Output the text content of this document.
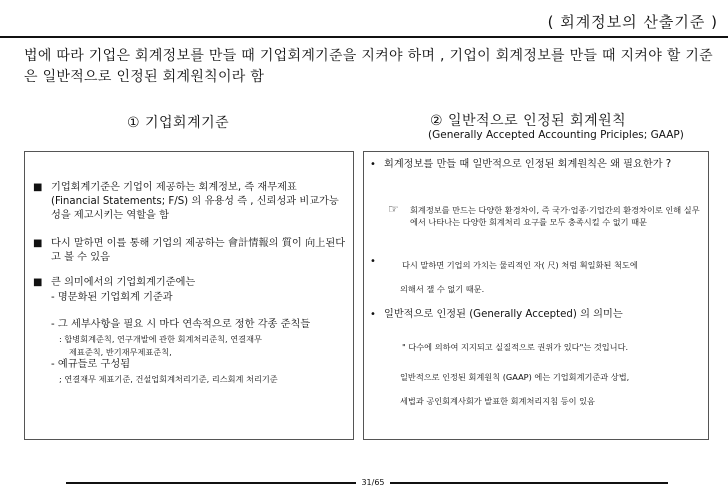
( 회계정보의 산출기준 )
법에 따라 기업은 회계정보를 만들 때 기업회계기준을 지켜야 하며 , 기업이 회계정보를 만들 때 지켜야 할 기준은 일반적으로 인정된 회계원칙이라 함
① 기업회계기준	② 일반적으로 인정된 회계원칙
(Generally Accepted Accounting Priciples; GAAP)
■ 기업회계기준은 기업이 제공하는 회계정보, 즉 재무제표 (Financial Statements; F/S) 의 유용성 즉 , 신뢰성과 비교가능성을 제고시키는 역할을 함
■ 다시 말하면 이를 통해 기업의 제공하는 會計情報의 質이 向上된다고 볼 수 있음
■ 큰 의미에서의 기업회계기준에는
- 명문화된 기업회계 기준과
- 그 세부사항을 필요 시 마다 연속적으로 정한 각종 준칙들
: 합병회계준칙, 연구개발에 관한 회계처리준칙, 연결재무
제표준칙, 반기재무제표준칙,
- 예규들로 구성됨
; 연결재무 제표기준, 건설업회계처리기준, 리스회계 처리기준
• 회계정보를 만들 때 일반적으로 인정된 회계원칙은 왜 필요한가 ?
☞ 회계정보를 만드는 다양한 환경차이, 즉 국가·업종·기업간의 환경차이로 인해 실무에서 나타나는 다양한 회계처리 요구를 모두 충족시킬 수 없기 때문
•	다시 말하면 기업의 가치는 물리적인 자( 尺) 처럼 획일화된 척도에
의해서 잴 수 없기 때문.
• 일반적으로 인정된 (Generally Accepted) 의 의미는
" 다수에 의하여 지지되고 실질적으로 권위가 있다"는 것입니다.
일반적으로 인정된 회계원칙 (GAAP) 에는 기업회계기준과 상법,
세법과 공인회계사회가 발표한 회계처리지침 등이 있음
31/65
